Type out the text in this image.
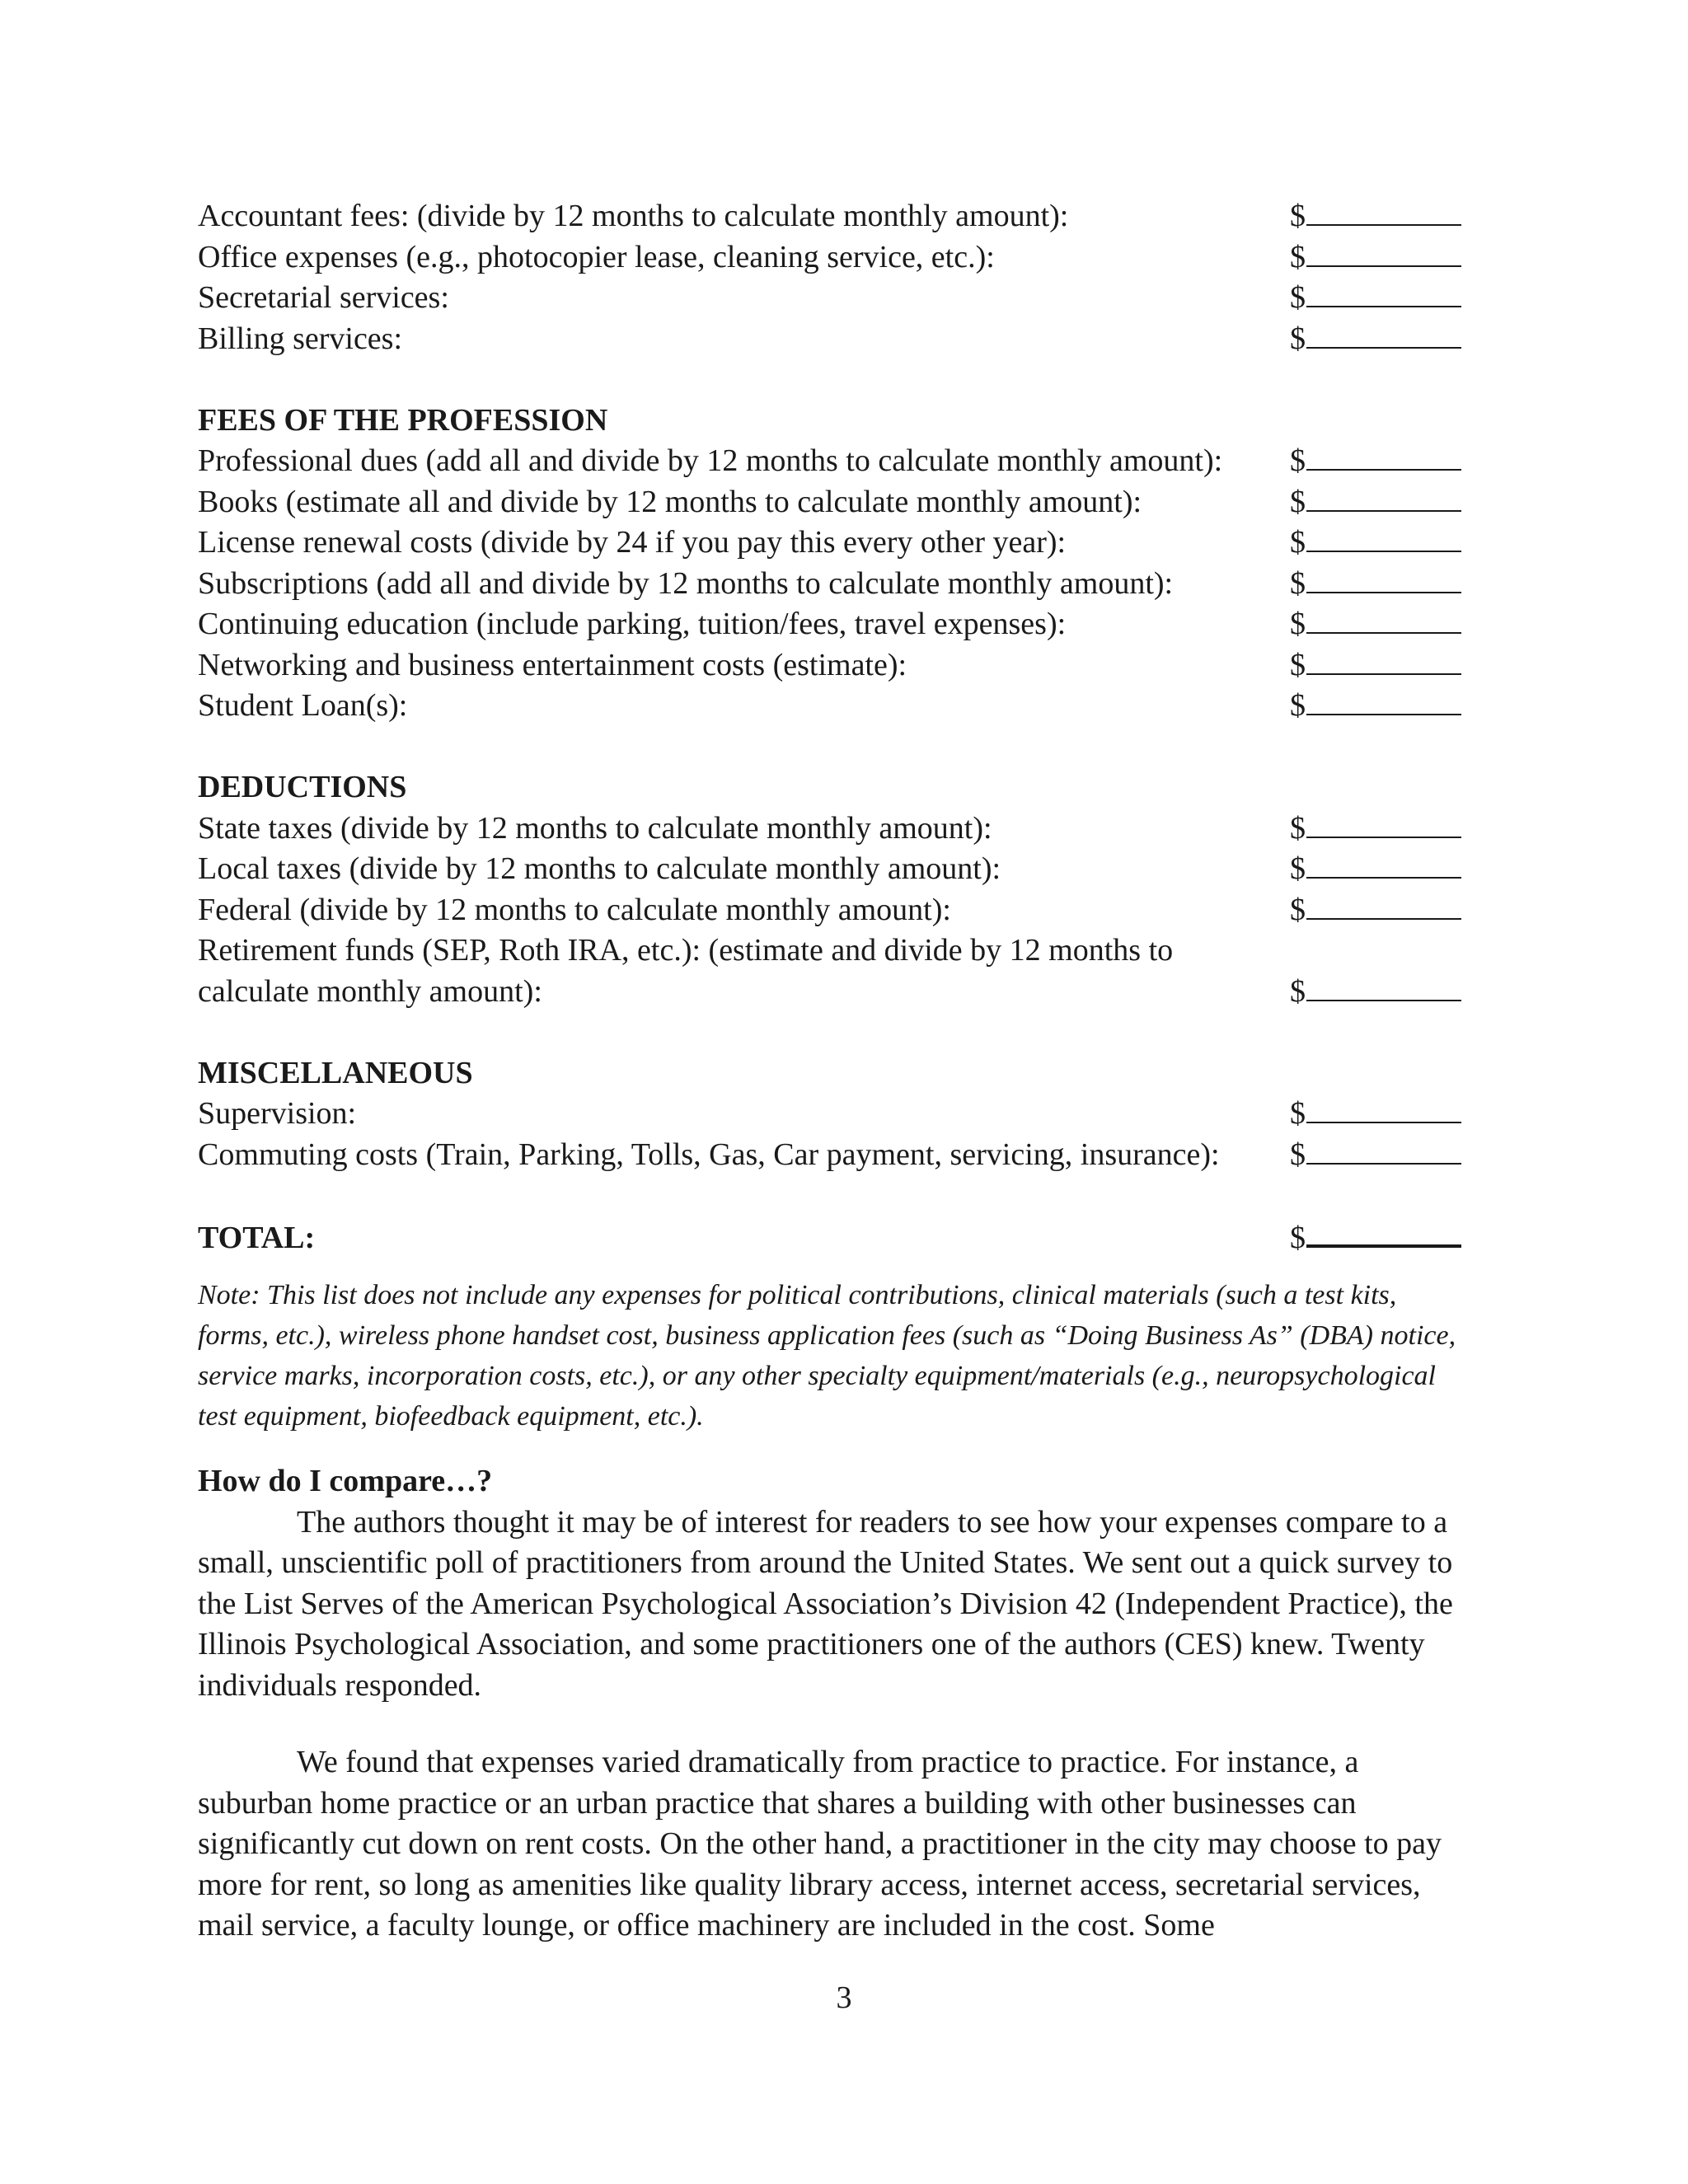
Accountant fees: (divide by 12 months to calculate monthly amount):	$
Office expenses (e.g., photocopier lease, cleaning service, etc.):	$
Secretarial services:	$
Billing services:	$
FEES OF THE PROFESSION
Professional dues (add all and divide by 12 months to calculate monthly amount):	$
Books (estimate all and divide by 12 months to calculate monthly amount):	$
License renewal costs (divide by 24 if you pay this every other year):	$
Subscriptions (add all and divide by 12 months to calculate monthly amount):	$
Continuing education (include parking, tuition/fees, travel expenses):	$
Networking and business entertainment costs (estimate):	$
Student Loan(s):	$
DEDUCTIONS
State taxes (divide by 12 months to calculate monthly amount):	$
Local taxes (divide by 12 months to calculate monthly amount):	$
Federal (divide by 12 months to calculate monthly amount):	$
Retirement funds (SEP, Roth IRA, etc.): (estimate and divide by 12 months to calculate monthly amount):	$
MISCELLANEOUS
Supervision:	$
Commuting costs (Train, Parking, Tolls, Gas, Car payment, servicing, insurance):	$
TOTAL:	$
Note: This list does not include any expenses for political contributions, clinical materials (such a test kits, forms, etc.), wireless phone handset cost, business application fees (such as “Doing Business As” (DBA) notice, service marks, incorporation costs, etc.), or any other specialty equipment/materials (e.g., neuropsychological test equipment, biofeedback equipment, etc.).
How do I compare…?
The authors thought it may be of interest for readers to see how your expenses compare to a small, unscientific poll of practitioners from around the United States. We sent out a quick survey to the List Serves of the American Psychological Association’s Division 42 (Independent Practice), the Illinois Psychological Association, and some practitioners one of the authors (CES) knew. Twenty individuals responded.
We found that expenses varied dramatically from practice to practice. For instance, a suburban home practice or an urban practice that shares a building with other businesses can significantly cut down on rent costs. On the other hand, a practitioner in the city may choose to pay more for rent, so long as amenities like quality library access, internet access, secretarial services, mail service, a faculty lounge, or office machinery are included in the cost. Some
3
